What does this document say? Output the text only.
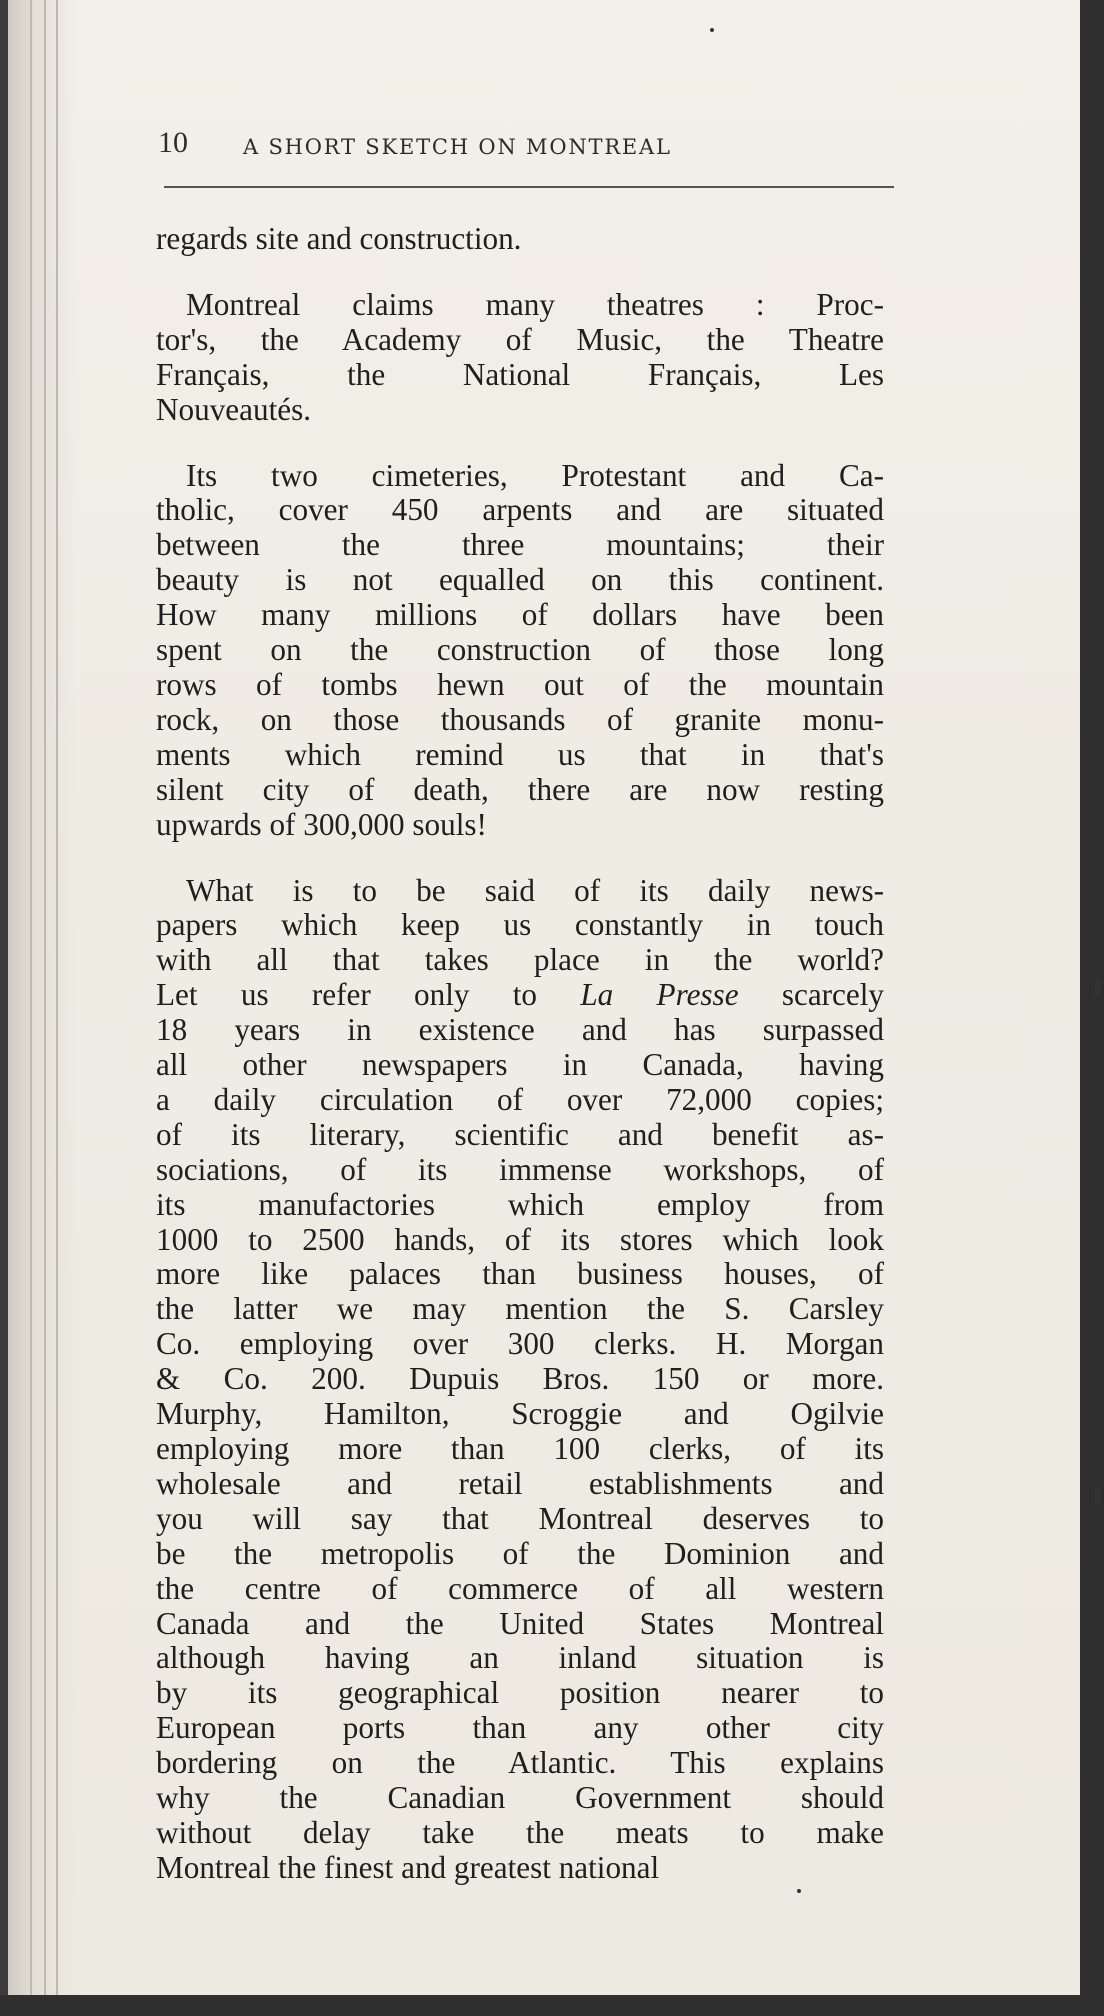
10	A SHORT SKETCH ON MONTREAL
regards site and construction.
Montreal claims many theatres : Proc-
tor's, the Academy of Music, the Theatre
Français, the National Français, Les
Nouveautés.
Its two cimeteries, Protestant and Ca-
tholic, cover 450 arpents and are situated
between the three mountains; their
beauty is not equalled on this continent.
How many millions of dollars have been
spent on the construction of those long
rows of tombs hewn out of the mountain
rock, on those thousands of granite monu-
ments which remind us that in that's
silent city of death, there are now resting
upwards of 300,000 souls!
What is to be said of its daily news-
papers which keep us constantly in touch
with all that takes place in the world?
Let us refer only to La Presse scarcely
18 years in existence and has surpassed
all other newspapers in Canada, having
a daily circulation of over 72,000 copies;
of its literary, scientific and benefit as-
sociations, of its immense workshops, of
its manufactories which employ from
1000 to 2500 hands, of its stores which look
more like palaces than business houses, of
the latter we may mention the S. Carsley
Co. employing over 300 clerks. H. Morgan
& Co. 200. Dupuis Bros. 150 or more.
Murphy, Hamilton, Scroggie and Ogilvie
employing more than 100 clerks, of its
wholesale and retail establishments and
you will say that Montreal deserves to
be the metropolis of the Dominion and
the centre of commerce of all western
Canada and the United States Montreal
although having an inland situation is
by its geographical position nearer to
European ports than any other city
bordering on the Atlantic. This explains
why the Canadian Government should
without delay take the meats to make
Montreal the finest and greatest national
